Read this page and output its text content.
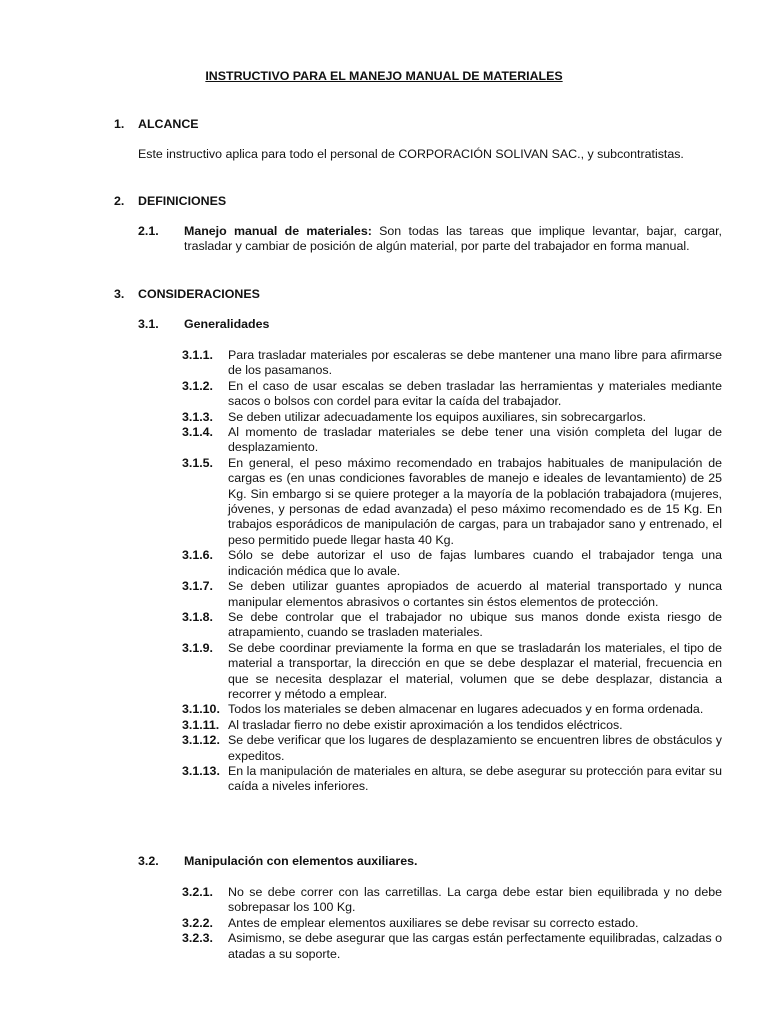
INSTRUCTIVO PARA EL MANEJO MANUAL DE MATERIALES
1. ALCANCE
Este instructivo aplica para todo el personal de CORPORACIÓN SOLIVAN SAC., y subcontratistas.
2. DEFINICIONES
2.1. Manejo manual de materiales: Son todas las tareas que implique levantar, bajar, cargar, trasladar y cambiar de posición de algún material, por parte del trabajador en forma manual.
3. CONSIDERACIONES
3.1. Generalidades
3.1.1. Para trasladar materiales por escaleras se debe mantener una mano libre para afirmarse de los pasamanos.
3.1.2. En el caso de usar escalas se deben trasladar las herramientas y materiales mediante sacos o bolsos con cordel para evitar la caída del trabajador.
3.1.3. Se deben utilizar adecuadamente los equipos auxiliares, sin sobrecargarlos.
3.1.4. Al momento de trasladar materiales se debe tener una visión completa del lugar de desplazamiento.
3.1.5. En general, el peso máximo recomendado en trabajos habituales de manipulación de cargas es (en unas condiciones favorables de manejo e ideales de levantamiento) de 25 Kg. Sin embargo si se quiere proteger a la mayoría de la población trabajadora (mujeres, jóvenes, y personas de edad avanzada) el peso máximo recomendado es de 15 Kg. En trabajos esporádicos de manipulación de cargas, para un trabajador sano y entrenado, el peso permitido puede llegar hasta 40 Kg.
3.1.6. Sólo se debe autorizar el uso de fajas lumbares cuando el trabajador tenga una indicación médica que lo avale.
3.1.7. Se deben utilizar guantes apropiados de acuerdo al material transportado y nunca manipular elementos abrasivos o cortantes sin éstos elementos de protección.
3.1.8. Se debe controlar que el trabajador no ubique sus manos donde exista riesgo de atrapamiento, cuando se trasladen materiales.
3.1.9. Se debe coordinar previamente la forma en que se trasladarán los materiales, el tipo de material a transportar, la dirección en que se debe desplazar el material, frecuencia en que se necesita desplazar el material, volumen que se debe desplazar, distancia a recorrer y método a emplear.
3.1.10. Todos los materiales se deben almacenar en lugares adecuados y en forma ordenada.
3.1.11. Al trasladar fierro no debe existir aproximación a los tendidos eléctricos.
3.1.12. Se debe verificar que los lugares de desplazamiento se encuentren libres de obstáculos y expeditos.
3.1.13. En la manipulación de materiales en altura, se debe asegurar su protección para evitar su caída a niveles inferiores.
3.2. Manipulación con elementos auxiliares.
3.2.1. No se debe correr con las carretillas. La carga debe estar bien equilibrada y no debe sobrepasar los 100 Kg.
3.2.2. Antes de emplear elementos auxiliares se debe revisar su correcto estado.
3.2.3. Asimismo, se debe asegurar que las cargas están perfectamente equilibradas, calzadas o atadas a su soporte.
